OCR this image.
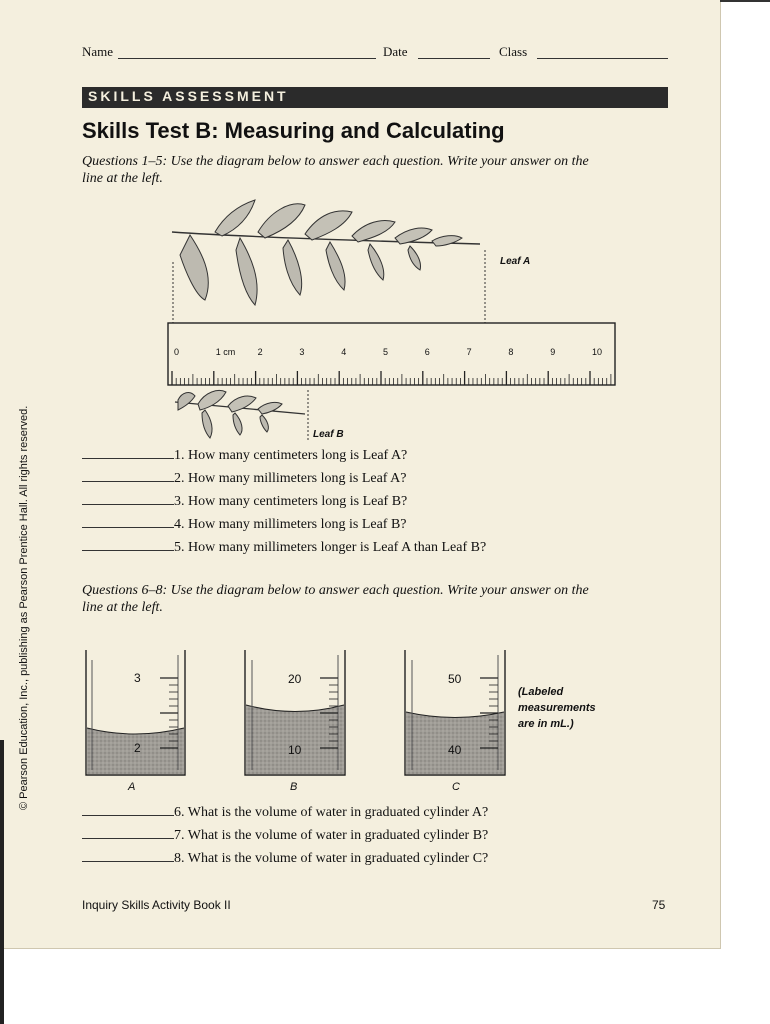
Name	Date	Class
SKILLS ASSESSMENT
Skills Test B: Measuring and Calculating
Questions 1–5: Use the diagram below to answer each question. Write your answer on the line at the left.
Leaf A
0	1 cm 2	3	4	5	6	7	8	9	10
Leaf B
1. How many centimeters long is Leaf A?
2. How many millimeters long is Leaf A?
3. How many centimeters long is Leaf B?
4. How many millimeters long is Leaf B?
5. How many millimeters longer is Leaf A than Leaf B?
Questions 6–8: Use the diagram below to answer each question. Write your answer on the line at the left.
3
2
A
20
10
B
50
40
C
(Labeled
measurements
are in mL.)
6. What is the volume of water in graduated cylinder A?
7. What is the volume of water in graduated cylinder B?
8. What is the volume of water in graduated cylinder C?
Inquiry Skills Activity Book II	75
© Pearson Education, Inc., publishing as Pearson Prentice Hall. All rights reserved.
